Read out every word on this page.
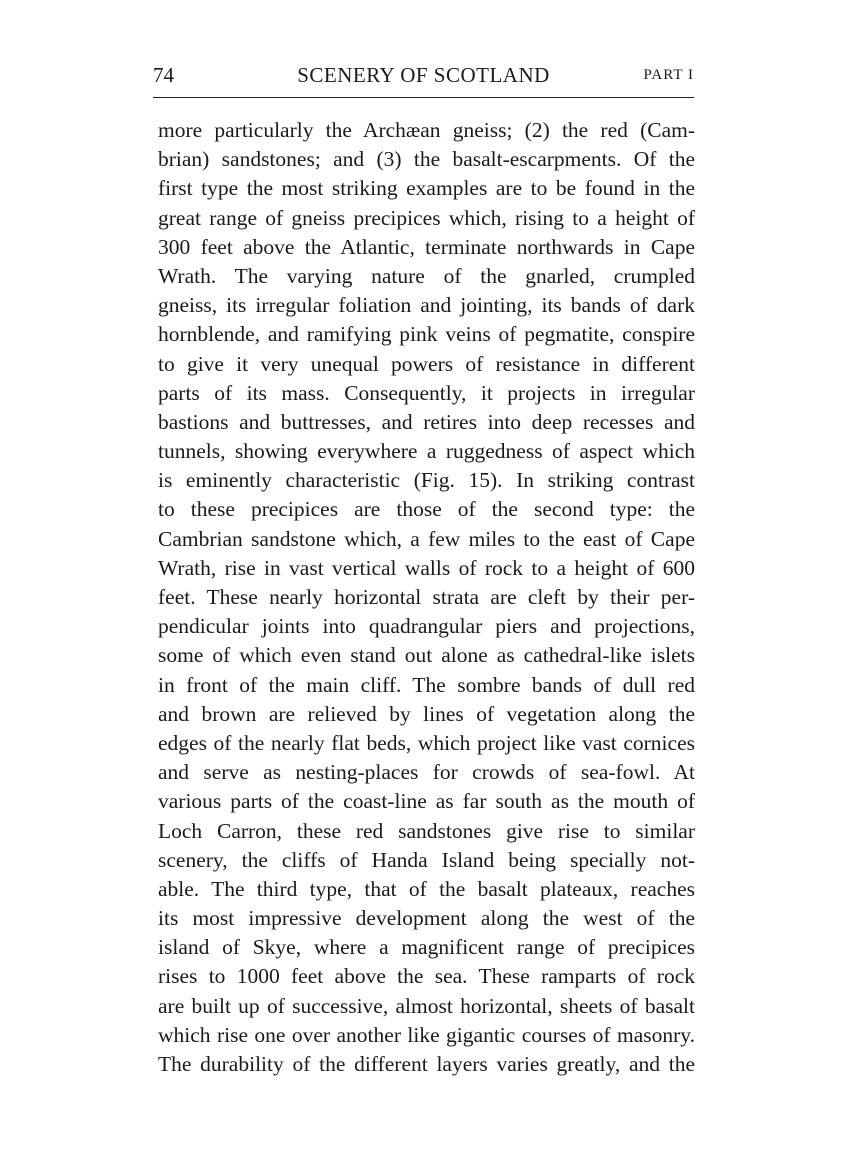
74	SCENERY OF SCOTLAND	PART I
more particularly the Archæan gneiss; (2) the red (Cam-
brian) sandstones; and (3) the basalt-escarpments. Of the
first type the most striking examples are to be found in the
great range of gneiss precipices which, rising to a height of
300 feet above the Atlantic, terminate northwards in Cape
Wrath. The varying nature of the gnarled, crumpled
gneiss, its irregular foliation and jointing, its bands of dark
hornblende, and ramifying pink veins of pegmatite, conspire
to give it very unequal powers of resistance in different
parts of its mass. Consequently, it projects in irregular
bastions and buttresses, and retires into deep recesses and
tunnels, showing everywhere a ruggedness of aspect which
is eminently characteristic (Fig. 15). In striking contrast
to these precipices are those of the second type: the
Cambrian sandstone which, a few miles to the east of Cape
Wrath, rise in vast vertical walls of rock to a height of 600
feet. These nearly horizontal strata are cleft by their per-
pendicular joints into quadrangular piers and projections,
some of which even stand out alone as cathedral-like islets
in front of the main cliff. The sombre bands of dull red
and brown are relieved by lines of vegetation along the
edges of the nearly flat beds, which project like vast cornices
and serve as nesting-places for crowds of sea-fowl. At
various parts of the coast-line as far south as the mouth of
Loch Carron, these red sandstones give rise to similar
scenery, the cliffs of Handa Island being specially not-
able. The third type, that of the basalt plateaux, reaches
its most impressive development along the west of the
island of Skye, where a magnificent range of precipices
rises to 1000 feet above the sea. These ramparts of rock
are built up of successive, almost horizontal, sheets of basalt
which rise one over another like gigantic courses of masonry.
The durability of the different layers varies greatly, and the
